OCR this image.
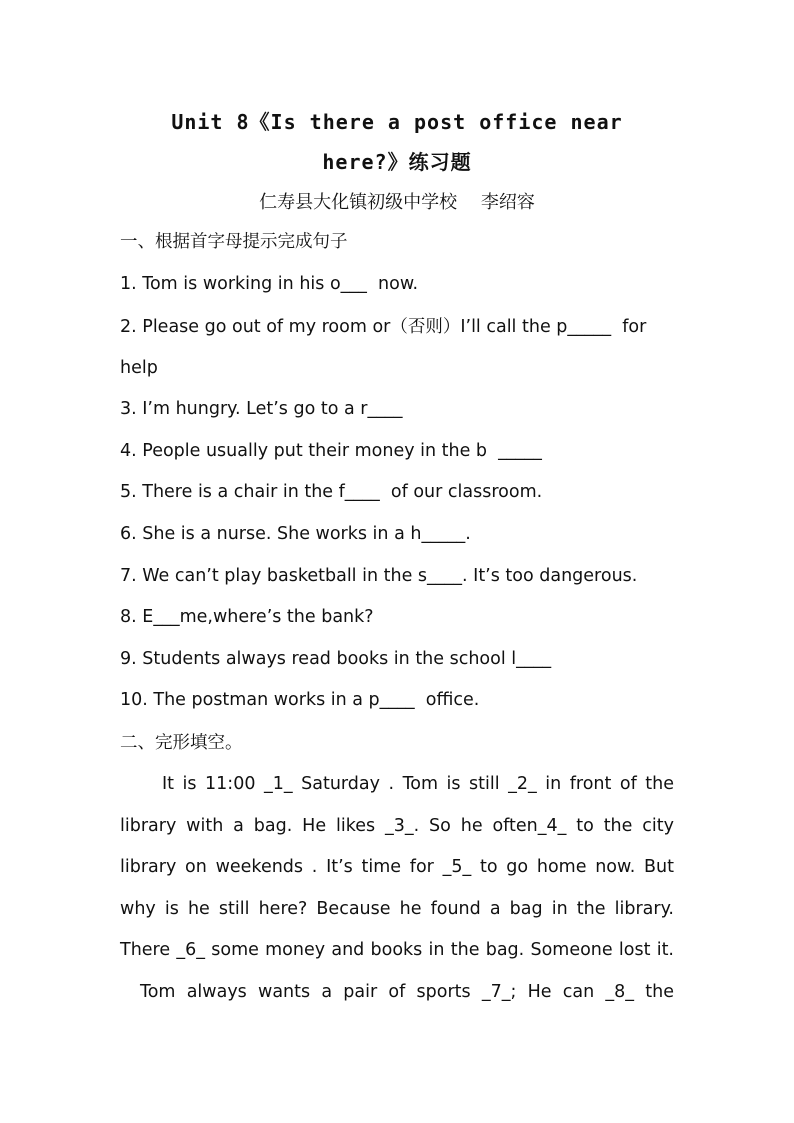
Unit 8《Is there a post office near
here?》练习题
仁寿县大化镇初级中学校　 李绍容
一、根据首字母提示完成句子
1. Tom is working in his o___  now.
2. Please go out of my room or（否则）I’ll call the p_____  for
help
3. I’m hungry. Let’s go to a r____
4. People usually put their money in the b  _____
5. There is a chair in the f____  of our classroom.
6. She is a nurse. She works in a h_____.
7. We can’t play basketball in the s____. It’s too dangerous.
8. E___me,where’s the bank?
9. Students always read books in the school l____
10. The postman works in a p____  office.
二、完形填空。
It is 11:00 _1_ Saturday . Tom is still _2_ in front of the
library with a bag. He likes _3_. So he often_4_ to the city
library on weekends . It’s time for _5_ to go home now. But
why is he still here? Because he found a bag in the library.
There _6_ some money and books in the bag. Someone lost it.
Tom always wants a pair of sports _7_; He can _8_ the
